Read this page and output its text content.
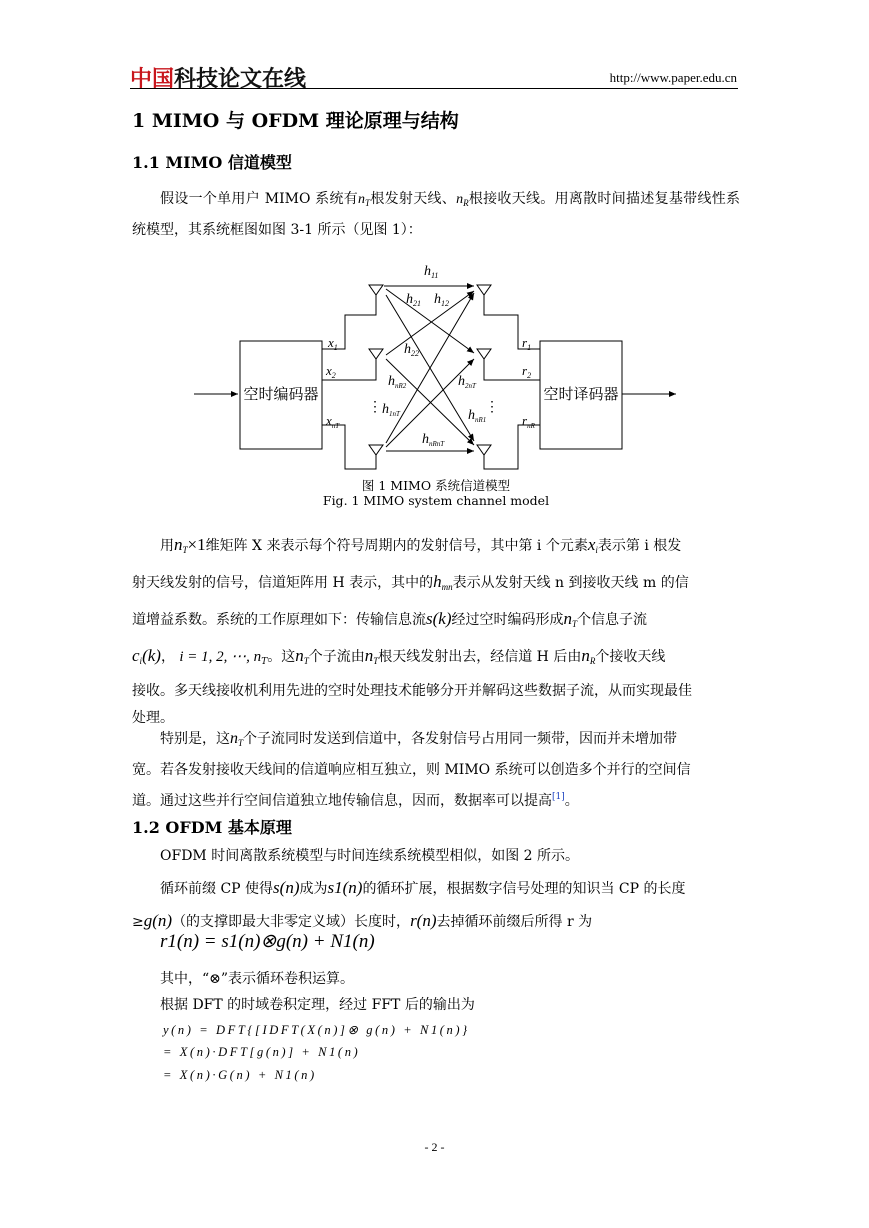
中国科技论文在线	http://www.paper.edu.cn
1 MIMO 与 OFDM 理论原理与结构
1.1 MIMO 信道模型
假设一个单用户 MIMO 系统有$n_T$根发射天线、$n_R$根接收天线。用离散时间描述复基带线性系统模型，其系统框图如图 3-1 所示（见图 1）：
空时编码器	空时译码器
$x_1$
$x_2$
$x_{nT}$
$r_1$
$r_2$
$r_{nR}$
$h_{11}$
$h_{21}$ $h_{12}$
$h_{22}$
$h_{nR2}$	$h_{2nT}$
$h_{1nT}$	$h_{nR1}$
$h_{nRnT}$
⋮	⋮
图 1 MIMO 系统信道模型
Fig. 1 MIMO system channel model
用$n_T\times 1$维矩阵 X 来表示每个符号周期内的发射信号，其中第 i 个元素$x_i$表示第 i 根发
射天线发射的信号，信道矩阵用 H 表示，其中的$h_{mn}$表示从发射天线 n 到接收天线 m 的信
道增益系数。系统的工作原理如下：传输信息流s(k)经过空时编码形成$n_T$个信息子流
$c_i(k)$， i = 1, 2, ⋯, $n_T$。这$n_T$个子流由$n_T$根天线发射出去，经信道 H 后由$n_R$个接收天线
接收。多天线接收机利用先进的空时处理技术能够分开并解码这些数据子流，从而实现最佳
处理。
特别是，这$n_T$个子流同时发送到信道中，各发射信号占用同一频带，因而并未增加带
宽。若各发射接收天线间的信道响应相互独立，则 MIMO 系统可以创造多个并行的空间信
道。通过这些并行空间信道独立地传输信息，因而，数据率可以提高[1]。
1.2 OFDM 基本原理
OFDM 时间离散系统模型与时间连续系统模型相似，如图 2 所示。
循环前缀 CP 使得s(n)成为s1(n)的循环扩展，根据数字信号处理的知识当 CP 的长度
≥g(n)（的支撑即最大非零定义域）长度时，r(n)去掉循环前缀后所得 r 为
r1(n) = s1(n)⊗g(n) + N1(n)
其中，“⊗”表示循环卷积运算。
根据 DFT 的时域卷积定理，经过 FFT 后的输出为
y(n) = DFT{[IDFT(X(n)]⊗ g(n) + N1(n)}
= X(n)·DFT[g(n)] + N1(n)
= X(n)·G(n) + N1(n)
- 2 -
